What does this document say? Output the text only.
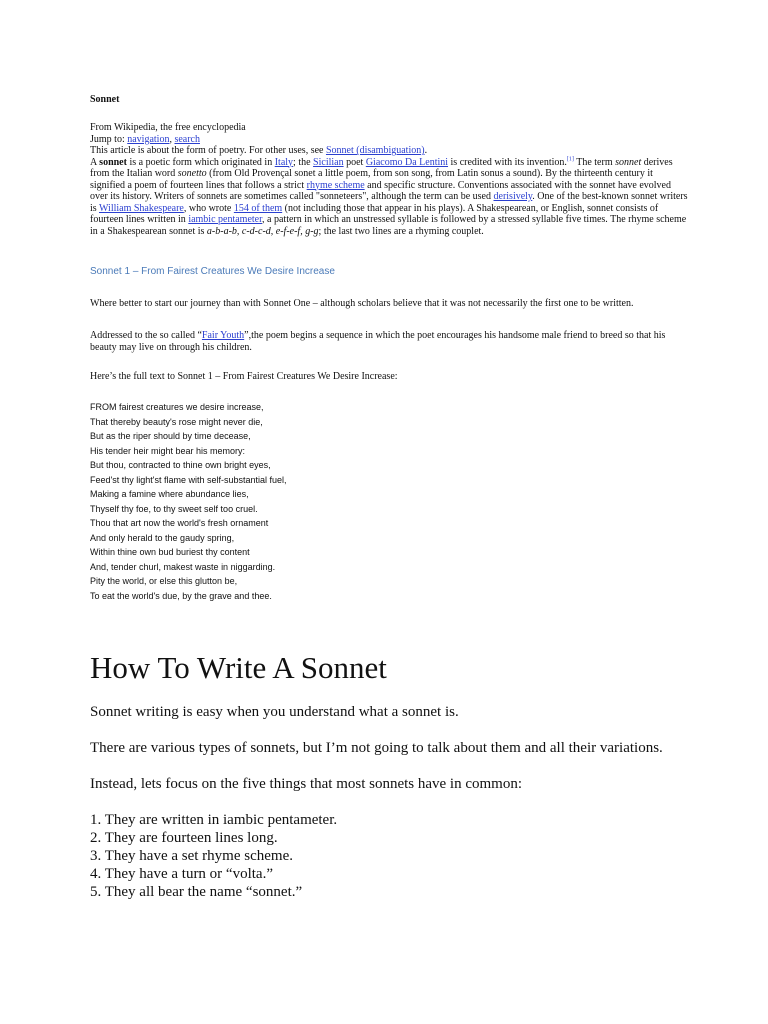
Sonnet

From Wikipedia, the free encyclopedia

Jump to: navigation, search

This article is about the form of poetry. For other uses, see Sonnet (disambiguation).

A sonnet is a poetic form which originated in Italy; the Sicilian poet Giacomo Da Lentini is credited with its invention.[1] The term sonnet derives from the Italian word sonetto (from Old Provençal sonet a little poem, from son song, from Latin sonus a sound). By the thirteenth century it signified a poem of fourteen lines that follows a strict rhyme scheme and specific structure. Conventions associated with the sonnet have evolved over its history. Writers of sonnets are sometimes called "sonneteers", although the term can be used derisively. One of the best-known sonnet writers is William Shakespeare, who wrote 154 of them (not including those that appear in his plays). A Shakespearean, or English, sonnet consists of fourteen lines written in iambic pentameter, a pattern in which an unstressed syllable is followed by a stressed syllable five times. The rhyme scheme in a Shakespearean sonnet is a-b-a-b, c-d-c-d, e-f-e-f, g-g; the last two lines are a rhyming couplet.

Sonnet 1 – From Fairest Creatures We Desire Increase
Where better to start our journey than with Sonnet One – although scholars believe that it was not necessarily the first one to be written.
Addressed to the so called “Fair Youth”,the poem begins a sequence in which the poet encourages his handsome male friend to breed so that his beauty may live on through his children.
Here’s the full text to Sonnet 1 – From Fairest Creatures We Desire Increase:
FROM fairest creatures we desire increase,
That thereby beauty's rose might never die,
But as the riper should by time decease,
His tender heir might bear his memory:
But thou, contracted to thine own bright eyes,
Feed'st thy light'st flame with self-substantial fuel,
Making a famine where abundance lies,
Thyself thy foe, to thy sweet self too cruel.
Thou that art now the world's fresh ornament
And only herald to the gaudy spring,
Within thine own bud buriest thy content
And, tender churl, makest waste in niggarding.
Pity the world, or else this glutton be,
To eat the world's due, by the grave and thee.
How To Write A Sonnet
Sonnet writing is easy when you understand what a sonnet is.
There are various types of sonnets, but I’m not going to talk about them and all their variations.
Instead, lets focus on the five things that most sonnets have in common:
1. They are written in iambic pentameter.
2. They are fourteen lines long.
3. They have a set rhyme scheme.
4. They have a turn or “volta.”
5. They all bear the name “sonnet.”
